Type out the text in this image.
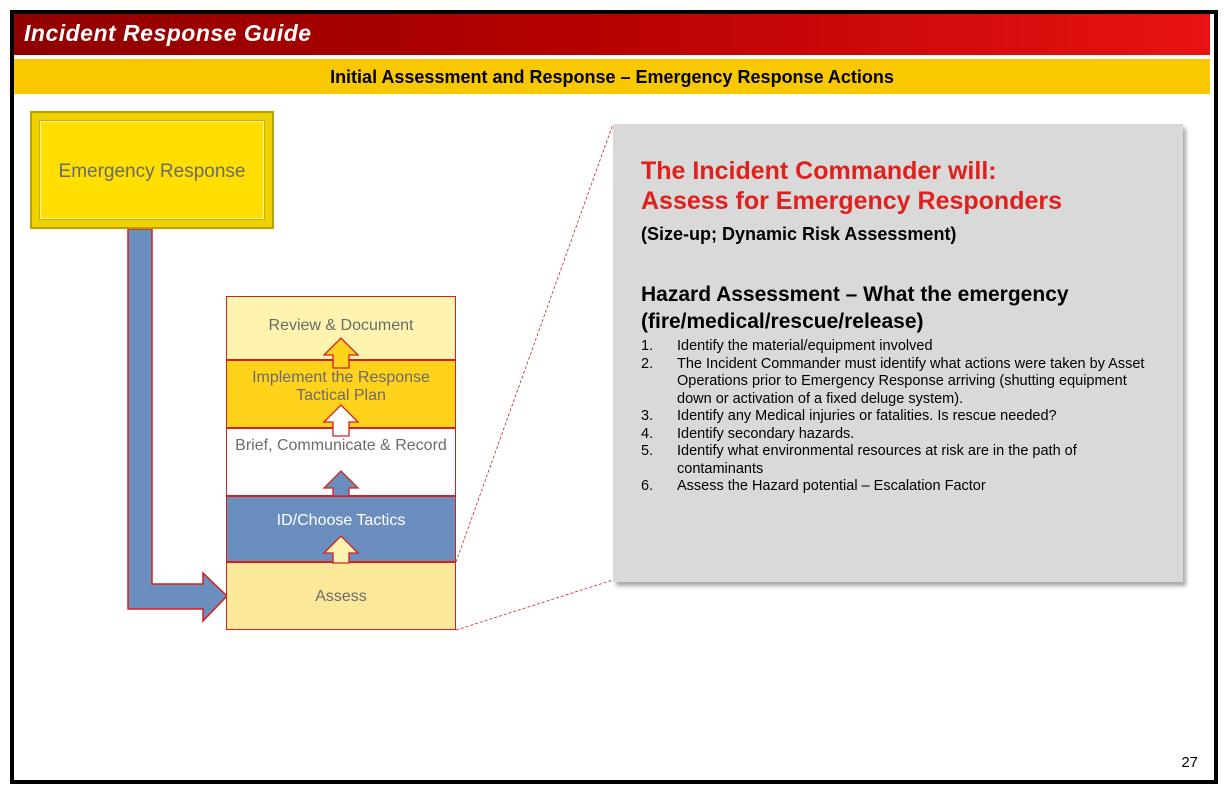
Incident Response Guide
Initial Assessment and Response – Emergency Response Actions
Emergency Response
Review & Document
Implement the Response Tactical Plan
Brief, Communicate & Record
ID/Choose Tactics
Assess
The Incident Commander will:
Assess for Emergency Responders
(Size-up; Dynamic Risk Assessment)
Hazard Assessment – What the emergency
(fire/medical/rescue/release)
1. Identify the material/equipment involved
2. The Incident Commander must identify what actions were taken by Asset Operations prior to Emergency Response arriving (shutting equipment down or activation of a fixed deluge system).
3. Identify any Medical injuries or fatalities. Is rescue needed?
4. Identify secondary hazards.
5. Identify what environmental resources at risk are in the path of contaminants
6. Assess the Hazard potential – Escalation Factor
27
